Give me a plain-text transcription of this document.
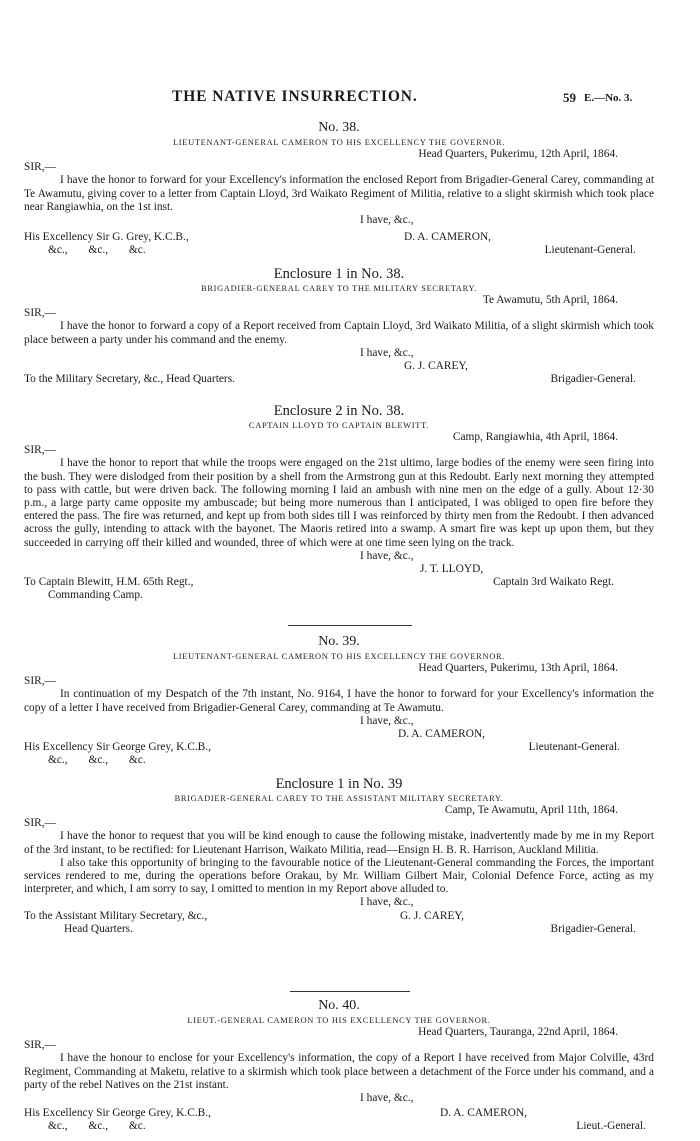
THE NATIVE INSURRECTION.	59 E.—No. 3.

No. 38.

LIEUTENANT-GENERAL CAMERON TO HIS EXCELLENCY THE GOVERNOR.

Head Quarters, Pukerimu, 12th April, 1864.

SIR,—

I have the honor to forward for your Excellency's information the enclosed Report from Brigadier-General Carey, commanding at Te Awamutu, giving cover to a letter from Captain Lloyd, 3rd Waikato Regiment of Militia, relative to a slight skirmish which took place near Rangiawhia, on the 1st inst.

I have, &c.,

His Excellency Sir G. Grey, K.C.B.,	D. A. CAMERON,
&c., &c., &c.	Lieutenant-General.

Enclosure 1 in No. 38.

BRIGADIER-GENERAL CAREY TO THE MILITARY SECRETARY.

Te Awamutu, 5th April, 1864.

SIR,—

I have the honor to forward a copy of a Report received from Captain Lloyd, 3rd Waikato Militia, of a slight skirmish which took place between a party under his command and the enemy.

I have, &c.,

G. J. CAREY,
To the Military Secretary, &c., Head Quarters.	Brigadier-General.

Enclosure 2 in No. 38.

CAPTAIN LLOYD TO CAPTAIN BLEWITT.

Camp, Rangiawhia, 4th April, 1864.

SIR,—

I have the honor to report that while the troops were engaged on the 21st ultimo, large bodies of the enemy were seen firing into the bush. They were dislodged from their position by a shell from the Armstrong gun at this Redoubt. Early next morning they attempted to pass with cattle, but were driven back. The following morning I laid an ambush with nine men on the edge of a gully. About 12·30 p.m., a large party came opposite my ambuscade; but being more numerous than I anticipated, I was obliged to open fire before they entered the pass. The fire was returned, and kept up from both sides till I was reinforced by thirty men from the Redoubt. I then advanced across the gully, intending to attack with the bayonet. The Maoris retired into a swamp. A smart fire was kept up upon them, but they succeeded in carrying off their killed and wounded, three of which were at one time seen lying on the track.

I have, &c.,

J. T. LLOYD,
To Captain Blewitt, H.M. 65th Regt.,	Captain 3rd Waikato Regt.
Commanding Camp.

No. 39.

LIEUTENANT-GENERAL CAMERON TO HIS EXCELLENCY THE GOVERNOR.

Head Quarters, Pukerimu, 13th April, 1864.

SIR,—

In continuation of my Despatch of the 7th instant, No. 9164, I have the honor to forward for your Excellency's information the copy of a letter I have received from Brigadier-General Carey, commanding at Te Awamutu.

I have, &c.,

D. A. CAMERON,
His Excellency Sir George Grey, K.C.B.,	Lieutenant-General.
&c., &c., &c.

Enclosure 1 in No. 39

BRIGADIER-GENERAL CAREY TO THE ASSISTANT MILITARY SECRETARY.

Camp, Te Awamutu, April 11th, 1864.

SIR,—

I have the honor to request that you will be kind enough to cause the following mistake, inadvertently made by me in my Report of the 3rd instant, to be rectified: for Lieutenant Harrison, Waikato Militia, read—Ensign H. B. R. Harrison, Auckland Militia.

I also take this opportunity of bringing to the favourable notice of the Lieutenant-General commanding the Forces, the important services rendered to me, during the operations before Orakau, by Mr. William Gilbert Mair, Colonial Defence Force, acting as my interpreter, and which, I am sorry to say, I omitted to mention in my Report above alluded to.

I have, &c.,

To the Assistant Military Secretary, &c.,	G. J. CAREY,
Head Quarters.	Brigadier-General.

No. 40.

LIEUT.-GENERAL CAMERON TO HIS EXCELLENCY THE GOVERNOR.

Head Quarters, Tauranga, 22nd April, 1864.

SIR,—

I have the honour to enclose for your Excellency's information, the copy of a Report I have received from Major Colville, 43rd Regiment, Commanding at Maketu, relative to a skirmish which took place between a detachment of the Force under his command, and a party of the rebel Natives on the 21st instant.

I have, &c.,

His Excellency Sir George Grey, K.C.B.,	D. A. CAMERON,
&c., &c., &c.	Lieut.-General.
